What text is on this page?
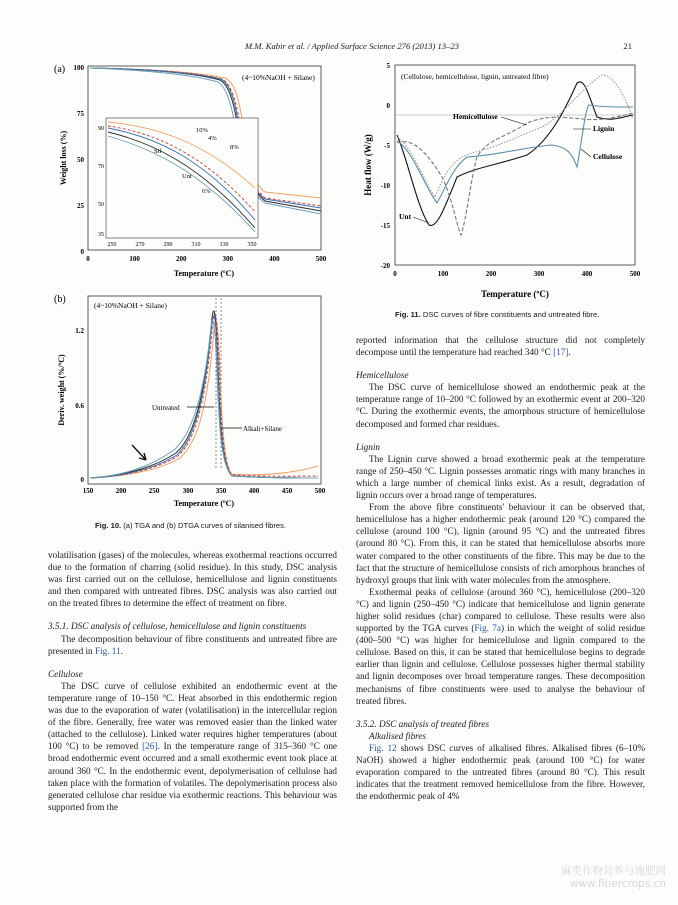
M.M. Kabir et al. / Applied Surface Science 276 (2013) 13–23	21
(a)
(4~10%NaOH + Silane)
100
75
50
25
0
0	100	200	300	400	500
Temperature (ºC)
Weight loss (%)
90
70
50
35
250	270	290	310	330	350
10%
4%
8%
Sil
Unt
6%
(b)
(4~10%NaOH + Silane)
1.2
0.6
0
150	200	250	300	350	400	450	500
Temperature (ºC)
Deriv. weight (%/ºC)	Untreated
Alkali+Silane
Fig. 10. (a) TGA and (b) DTGA curves of silanised fibres.
(Cellulose, hemicellulose, lignin, untreated fibre)
5
0
-5
-10
-15
-20
0	100	200	300	400	500
Temperature (ºC)
Heat flow (W/g)
Hemicellulose
Lignin
Cellulose
Unt
Fig. 11. DSC curves of fibre constituents and untreated fibre.

volatilisation (gases) of the molecules, whereas exothermal reactions occurred due to the formation of charring (solid residue). In this study, DSC analysis was first carried out on the cellulose, hemicellulose and lignin constituents and then compared with untreated fibres. DSC analysis was also carried out on the treated fibres to determine the effect of treatment on fibre.

3.5.1. DSC analysis of cellulose, hemicellulose and lignin constituents

The decomposition behaviour of fibre constituents and untreated fibre are presented in Fig. 11.

Cellulose

The DSC curve of cellulose exhibited an endothermic event at the temperature range of 10–150 °C. Heat absorbed in this endothermic region was due to the evaporation of water (volatilisation) in the intercellular region of the fibre. Generally, free water was removed easier than the linked water (attached to the cellulose). Linked water requires higher temperatures (about 100 °C) to be removed [26]. In the temperature range of 315–360 °C one broad endothermic event occurred and a small exothermic event took place at around 360 °C. In the endothermic event, depolymerisation of cellulose had taken place with the formation of volatiles. The depolymerisation process also generated cellulose char residue via exothermic reactions. This behaviour was supported from the

reported information that the cellulose structure did not completely decompose until the temperature had reached 340 °C [17].

Hemicellulose

The DSC curve of hemicellulose showed an endothermic peak at the temperature range of 10–200 °C followed by an exothermic event at 200–320 °C. During the exothermic events, the amorphous structure of hemicellulose decomposed and formed char residues.

Lignin

The Lignin curve showed a broad exothermic peak at the temperature range of 250–450 °C. Lignin possesses aromatic rings with many branches in which a large number of chemical links exist. As a result, degradation of lignin occurs over a broad range of temperatures.

From the above fibre constituents' behaviour it can be observed that, hemicellulose has a higher endothermic peak (around 120 °C) compared the cellulose (around 100 °C), lignin (around 95 °C) and the untreated fibres (around 80 °C). From this, it can be stated that hemicellulose absorbs more water compared to the other constituents of the fibre. This may be due to the fact that the structure of hemicellulose consists of rich amorphous branches of hydroxyl groups that link with water molecules from the atmosphere.

Exothermal peaks of cellulose (around 360 °C), hemicellulose (200–320 °C) and lignin (250–450 °C) indicate that hemicellulose and lignin generate higher solid residues (char) compared to cellulose. These results were also supported by the TGA curves (Fig. 7a) in which the weight of solid residue (400–500 °C) was higher for hemicellulose and lignin compared to the cellulose. Based on this, it can be stated that hemicellulose begins to degrade earlier than lignin and cellulose. Cellulose possesses higher thermal stability and lignin decomposes over broad temperature ranges. These decomposition mechanisms of fibre constituents were used to analyse the behaviour of treated fibres.

3.5.2. DSC analysis of treated fibres

Alkalised fibres

Fig. 12 shows DSC curves of alkalised fibres. Alkalised fibres (6–10% NaOH) showed a higher endothermic peak (around 100 °C) for water evaporation compared to the untreated fibres (around 80 °C). This result indicates that the treatment removed hemicellulose from the fibre. However, the endothermic peak of 4%

麻类作物营养与施肥网
www.fibercrops.cn
